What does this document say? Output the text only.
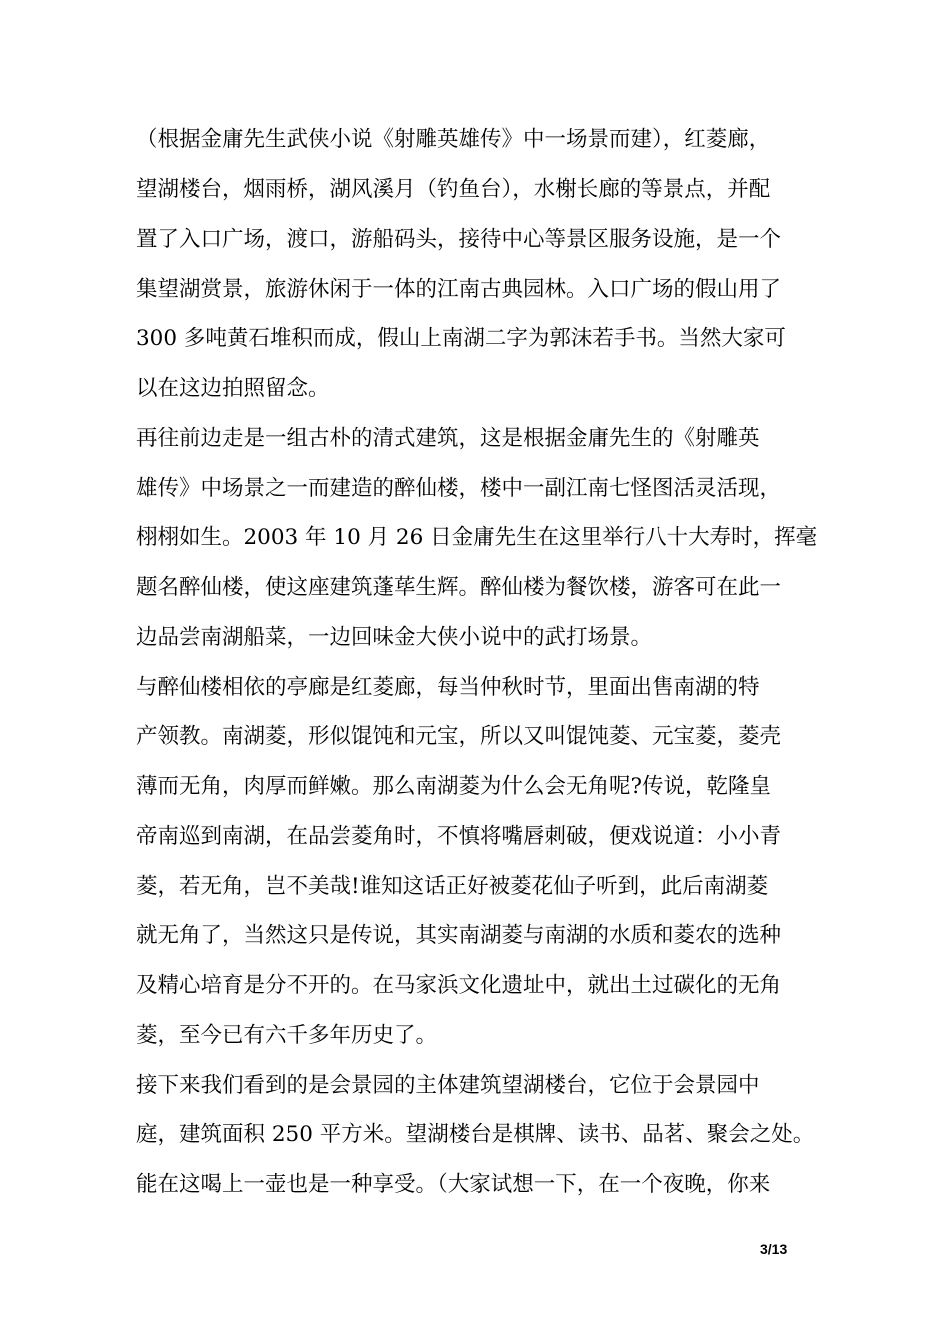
（根据金庸先生武侠小说《射雕英雄传》中一场景而建），红菱廊，
望湖楼台，烟雨桥，湖风溪月（钓鱼台），水榭长廊的等景点，并配
置了入口广场，渡口，游船码头，接待中心等景区服务设施，是一个
集望湖赏景，旅游休闲于一体的江南古典园林。入口广场的假山用了
300 多吨黄石堆积而成，假山上南湖二字为郭沫若手书。当然大家可
以在这边拍照留念。
再往前边走是一组古朴的清式建筑，这是根据金庸先生的《射雕英
雄传》中场景之一而建造的醉仙楼，楼中一副江南七怪图活灵活现，
栩栩如生。2003 年 10 月 26 日金庸先生在这里举行八十大寿时，挥毫
题名醉仙楼，使这座建筑蓬荜生辉。醉仙楼为餐饮楼，游客可在此一
边品尝南湖船菜，一边回味金大侠小说中的武打场景。
与醉仙楼相依的亭廊是红菱廊，每当仲秋时节，里面出售南湖的特
产领教。南湖菱，形似馄饨和元宝，所以又叫馄饨菱、元宝菱，菱壳
薄而无角，肉厚而鲜嫩。那么南湖菱为什么会无角呢?传说，乾隆皇
帝南巡到南湖，在品尝菱角时，不慎将嘴唇刺破，便戏说道：小小青
菱，若无角，岂不美哉!谁知这话正好被菱花仙子听到，此后南湖菱
就无角了，当然这只是传说，其实南湖菱与南湖的水质和菱农的选种
及精心培育是分不开的。在马家浜文化遗址中，就出土过碳化的无角
菱，至今已有六千多年历史了。
接下来我们看到的是会景园的主体建筑望湖楼台，它位于会景园中
庭，建筑面积 250 平方米。望湖楼台是棋牌、读书、品茗、聚会之处。
能在这喝上一壶也是一种享受。（大家试想一下，在一个夜晚，你来
3/13
